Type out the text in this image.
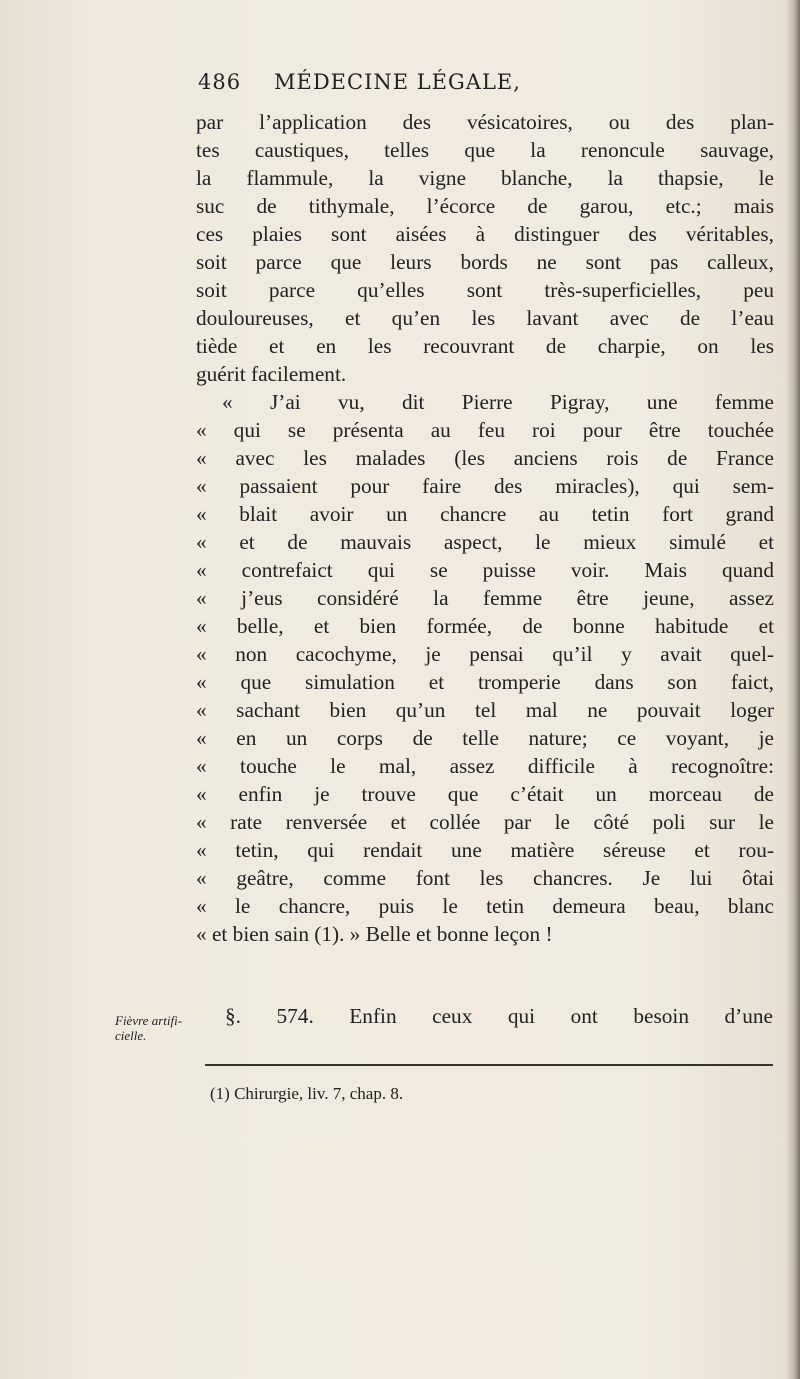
486 MÉDECINE LÉGALE,
par l’application des vésicatoires, ou des plan-
tes caustiques, telles que la renoncule sauvage,
la flammule, la vigne blanche, la thapsie, le
suc de tithymale, l’écorce de garou, etc.; mais
ces plaies sont aisées à distinguer des véritables,
soit parce que leurs bords ne sont pas calleux,
soit parce qu’elles sont très-superficielles, peu
douloureuses, et qu’en les lavant avec de l’eau
tiède et en les recouvrant de charpie, on les
guérit facilement.
« J’ai vu, dit Pierre Pigray, une femme
« qui se présenta au feu roi pour être touchée
« avec les malades (les anciens rois de France
« passaient pour faire des miracles), qui sem-
« blait avoir un chancre au tetin fort grand
« et de mauvais aspect, le mieux simulé et
« contrefaict qui se puisse voir. Mais quand
« j’eus considéré la femme être jeune, assez
« belle, et bien formée, de bonne habitude et
« non cacochyme, je pensai qu’il y avait quel-
« que simulation et tromperie dans son faict,
« sachant bien qu’un tel mal ne pouvait loger
« en un corps de telle nature; ce voyant, je
« touche le mal, assez difficile à recognoître:
« enfin je trouve que c’était un morceau de
« rate renversée et collée par le côté poli sur le
« tetin, qui rendait une matière séreuse et rou-
« geâtre, comme font les chancres. Je lui ôtai
« le chancre, puis le tetin demeura beau, blanc
« et bien sain (1). » Belle et bonne leçon !
Fièvre artifi-
cielle.
§. 574. Enfin ceux qui ont besoin d’une
(1) Chirurgie, liv. 7, chap. 8.
